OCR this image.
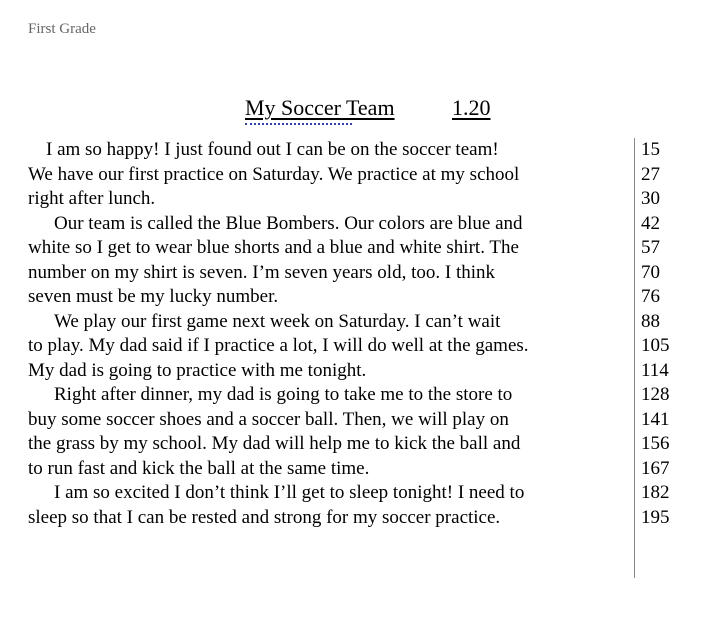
First Grade
My Soccer Team	1.20
I am so happy! I just found out I can be on the soccer team!
We have our first practice on Saturday. We practice at my school
right after lunch.
Our team is called the Blue Bombers. Our colors are blue and
white so I get to wear blue shorts and a blue and white shirt. The
number on my shirt is seven. I’m seven years old, too. I think
seven must be my lucky number.
We play our first game next week on Saturday. I can’t wait
to play. My dad said if I practice a lot, I will do well at the games.
My dad is going to practice with me tonight.
Right after dinner, my dad is going to take me to the store to
buy some soccer shoes and a soccer ball. Then, we will play on
the grass by my school. My dad will help me to kick the ball and
to run fast and kick the ball at the same time.
I am so excited I don’t think I’ll get to sleep tonight! I need to
sleep so that I can be rested and strong for my soccer practice.
15
27
30
42
57
70
76
88
105
114
128
141
156
167
182
195
